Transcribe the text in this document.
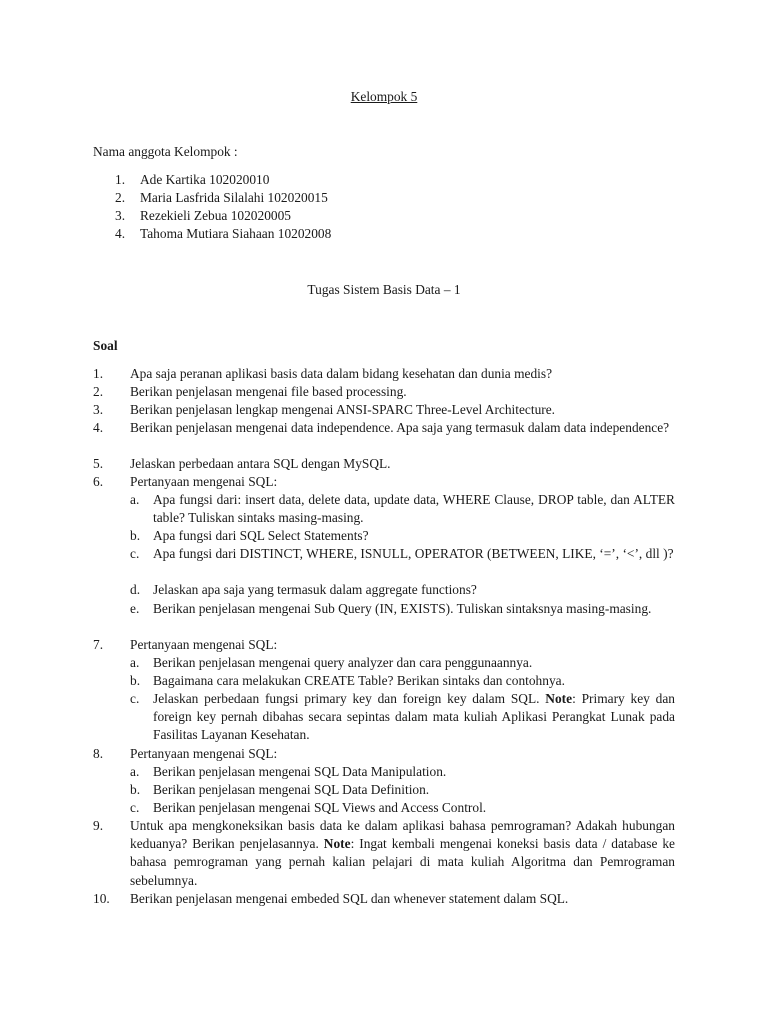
Kelompok 5
Nama anggota Kelompok :
1. Ade Kartika 102020010
2. Maria Lasfrida Silalahi 102020015
3. Rezekieli Zebua 102020005
4. Tahoma Mutiara Siahaan 10202008
Tugas Sistem Basis Data – 1
Soal
1. Apa saja peranan aplikasi basis data dalam bidang kesehatan dan dunia medis?
2. Berikan penjelasan mengenai file based processing.
3. Berikan penjelasan lengkap mengenai ANSI-SPARC Three-Level Architecture.
4. Berikan penjelasan mengenai data independence. Apa saja yang termasuk dalam data independence?
5. Jelaskan perbedaan antara SQL dengan MySQL.
6. Pertanyaan mengenai SQL:
a. Apa fungsi dari: insert data, delete data, update data, WHERE Clause, DROP table, dan ALTER table? Tuliskan sintaks masing-masing.
b. Apa fungsi dari SQL Select Statements?
c. Apa fungsi dari DISTINCT, WHERE, ISNULL, OPERATOR (BETWEEN, LIKE, ‘=’, ‘<’, dll )?
d. Jelaskan apa saja yang termasuk dalam aggregate functions?
e. Berikan penjelasan mengenai Sub Query (IN, EXISTS). Tuliskan sintaksnya masing-masing.
7. Pertanyaan mengenai SQL:
a. Berikan penjelasan mengenai query analyzer dan cara penggunaannya.
b. Bagaimana cara melakukan CREATE Table? Berikan sintaks dan contohnya.
c. Jelaskan perbedaan fungsi primary key dan foreign key dalam SQL. Note: Primary key dan foreign key pernah dibahas secara sepintas dalam mata kuliah Aplikasi Perangkat Lunak pada Fasilitas Layanan Kesehatan.
8. Pertanyaan mengenai SQL:
a. Berikan penjelasan mengenai SQL Data Manipulation.
b. Berikan penjelasan mengenai SQL Data Definition.
c. Berikan penjelasan mengenai SQL Views and Access Control.
9. Untuk apa mengkoneksikan basis data ke dalam aplikasi bahasa pemrograman? Adakah hubungan keduanya? Berikan penjelasannya. Note: Ingat kembali mengenai koneksi basis data / database ke bahasa pemrograman yang pernah kalian pelajari di mata kuliah Algoritma dan Pemrograman sebelumnya.
10. Berikan penjelasan mengenai embeded SQL dan whenever statement dalam SQL.
